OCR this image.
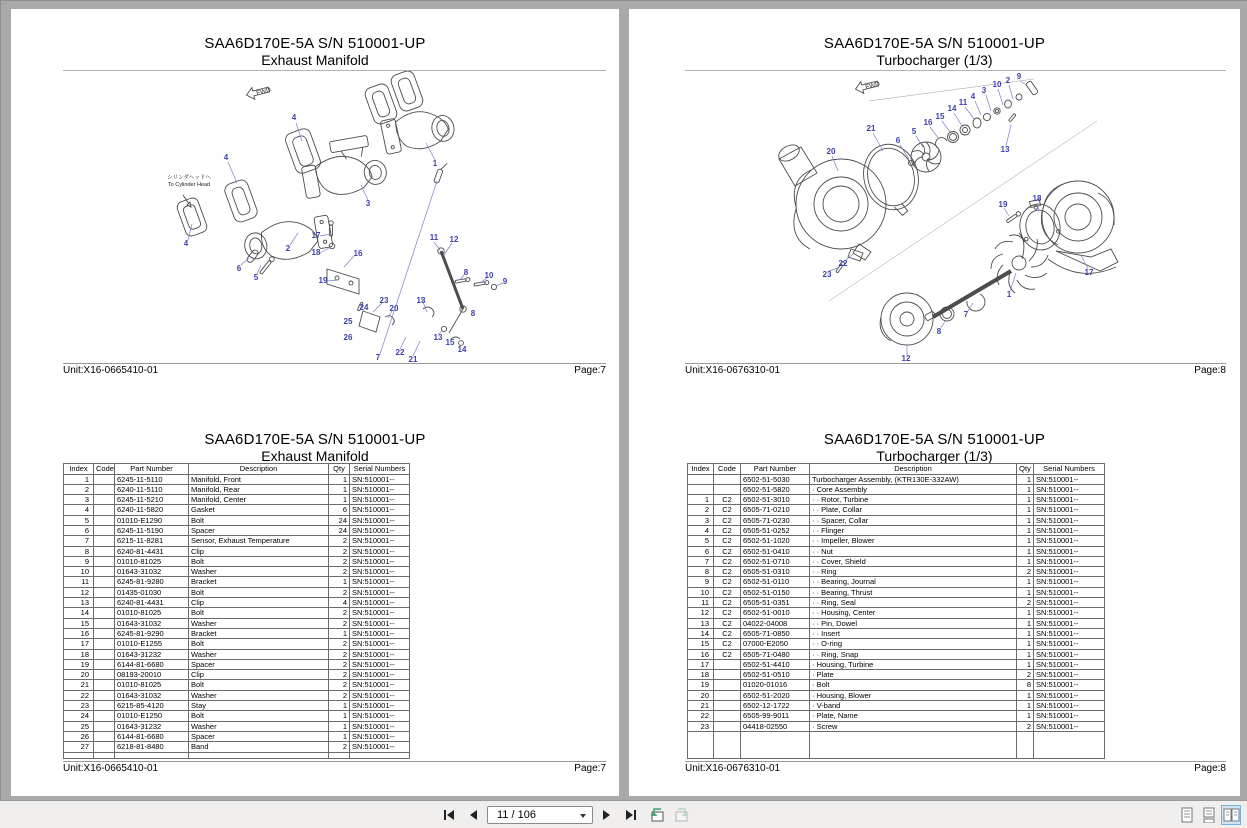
SAA6D170E-5A S/N 510001-UP
Exhaust Manifold
FWD
シリンダヘッドへ
To Cylinder Head
4
4
4
1
3
2
17
18	16
19
6
5
23
24
25
26
20
13
11 12
8 10
9
8
13
15
14
7
22
21
Unit:X16-0665410-01	Page:7
SAA6D170E-5A S/N 510001-UP
Exhaust Manifold
Index	Code	Part Number	Description	Qty	Serial Numbers
1		6245-11-5110	Manifold, Front	1	SN:510001--
2		6240-11-5110	Manifold, Rear	1	SN:510001--
3		6245-11-5210	Manifold, Center	1	SN:510001--
4		6240-11-5820	Gasket	6	SN:510001--
5		01010-E1290	Bolt	24	SN:510001--
6		6245-11-5190	Spacer	24	SN:510001--
7		6215-11-8281	Sensor, Exhaust Temperature	2	SN:510001--
8		6240-81-4431	Clip	2	SN:510001--
9		01010-81025	Bolt	2	SN:510001--
10		01643-31032	Washer	2	SN:510001--
11		6245-81-9280	Bracket	1	SN:510001--
12		01435-01030	Bolt	2	SN:510001--
13		6240-81-4431	Clip	4	SN:510001--
14		01010-81025	Bolt	2	SN:510001--
15		01643-31032	Washer	2	SN:510001--
16		6245-81-9290	Bracket	1	SN:510001--
17		01010-E1255	Bolt	2	SN:510001--
18		01643-31232	Washer	2	SN:510001--
19		6144-81-6680	Spacer	2	SN:510001--
20		08193-20010	Clip	2	SN:510001--
21		01010-81025	Bolt	2	SN:510001--
22		01643-31032	Washer	2	SN:510001--
23		6215-85-4120	Stay	1	SN:510001--
24		01010-E1250	Bolt	1	SN:510001--
25		01643-31232	Washer	1	SN:510001--
26		6144-81-6680	Spacer	1	SN:510001--
27		6218-81-8480	Band	2	SN:510001--

Unit:X16-0665410-01	Page:7
SAA6D170E-5A S/N 510001-UP
Turbocharger (1/3)
FWD
9
2
10
3
4
11
14
15
16
5
6
21
20	13
19
18
22
23	17
1
7
8
12
Unit:X16-0676310-01	Page:8
SAA6D170E-5A S/N 510001-UP
Turbocharger (1/3)
Index	Code	Part Number	Description	Qty	Serial Numbers
		6502-51-5030	Turbocharger Assembly, (KTR130E-332AW)	1	SN:510001--
		6502-51-5820	· Core Assembly	1	SN:510001--
1	C2	6502-51-3010	· · Rotor, Turbine	1	SN:510001--
2	C2	6505-71-0210	· · Plate, Collar	1	SN:510001--
3	C2	6505-71-0230	· · Spacer, Collar	1	SN:510001--
4	C2	6505-51-0252	· · Flinger	1	SN:510001--
5	C2	6502-51-1020	· · Impeller, Blower	1	SN:510001--
6	C2	6502-51-0410	· · Nut	1	SN:510001--
7	C2	6502-51-0710	· · Cover, Shield	1	SN:510001--
8	C2	6505-51-0310	· · Ring	2	SN:510001--
9	C2	6502-51-0110	· · Bearing, Journal	1	SN:510001--
10	C2	6502-51-0150	· · Bearing, Thrust	1	SN:510001--
11	C2	6505-51-0351	· · Ring, Seal	2	SN:510001--
12	C2	6502-51-0010	· · Housing, Center	1	SN:510001--
13	C2	04022-04008	· · Pin, Dowel	1	SN:510001--
14	C2	6505-71-0850	· · Insert	1	SN:510001--
15	C2	07000-E2050	· · O-ring	1	SN:510001--
16	C2	6505-71-0480	· · Ring, Snap	1	SN:510001--
17		6502-51-4410	· Housing, Turbine	1	SN:510001--
18		6502-51-0510	· Plate	2	SN:510001--
19		01020-01016	· Bolt	8	SN:510001--
20		6502-51-2020	· Housing, Blower	1	SN:510001--
21		6502-12-1722	· V-band	1	SN:510001--
22		6505-99-9011	· Plate, Name	1	SN:510001--
23		04418-02550	· Screw	2	SN:510001--

Unit:X16-0676310-01	Page:8
11 / 106
